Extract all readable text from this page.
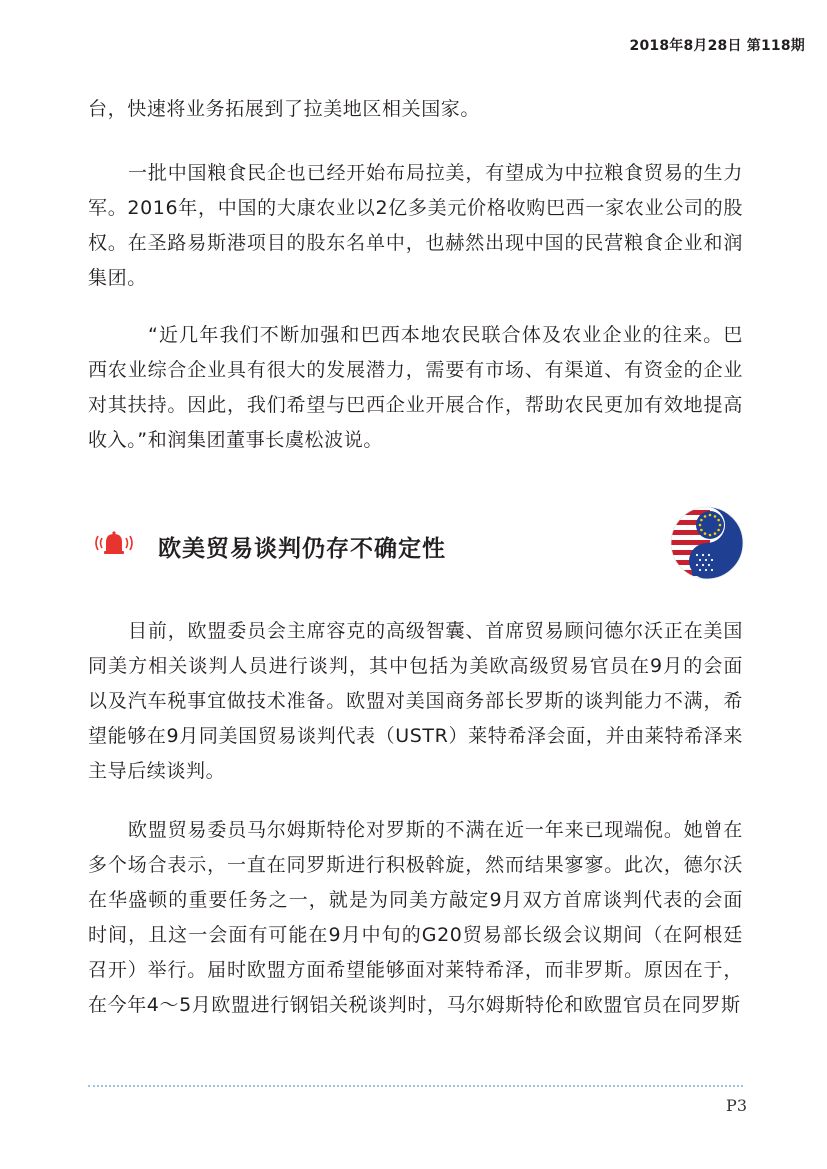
2018年8月28日 第118期

台，快速将业务拓展到了拉美地区相关国家。

一批中国粮食民企也已经开始布局拉美，有望成为中拉粮食贸易的生力军。2016年，中国的大康农业以2亿多美元价格收购巴西一家农业公司的股权。在圣路易斯港项目的股东名单中，也赫然出现中国的民营粮食企业和润集团。

“近几年我们不断加强和巴西本地农民联合体及农业企业的往来。巴西农业综合企业具有很大的发展潜力，需要有市场、有渠道、有资金的企业对其扶持。因此，我们希望与巴西企业开展合作，帮助农民更加有效地提高收入。”和润集团董事长虞松波说。

欧美贸易谈判仍存不确定性

目前，欧盟委员会主席容克的高级智囊、首席贸易顾问德尔沃正在美国同美方相关谈判人员进行谈判，其中包括为美欧高级贸易官员在9月的会面以及汽车税事宜做技术准备。欧盟对美国商务部长罗斯的谈判能力不满，希望能够在9月同美国贸易谈判代表（USTR）莱特希泽会面，并由莱特希泽来主导后续谈判。

欧盟贸易委员马尔姆斯特伦对罗斯的不满在近一年来已现端倪。她曾在多个场合表示，一直在同罗斯进行积极斡旋，然而结果寥寥。此次，德尔沃在华盛顿的重要任务之一，就是为同美方敲定9月双方首席谈判代表的会面时间，且这一会面有可能在9月中旬的G20贸易部长级会议期间（在阿根廷召开）举行。届时欧盟方面希望能够面对莱特希泽，而非罗斯。原因在于，在今年4～5月欧盟进行钢铝关税谈判时，马尔姆斯特伦和欧盟官员在同罗斯

P3
